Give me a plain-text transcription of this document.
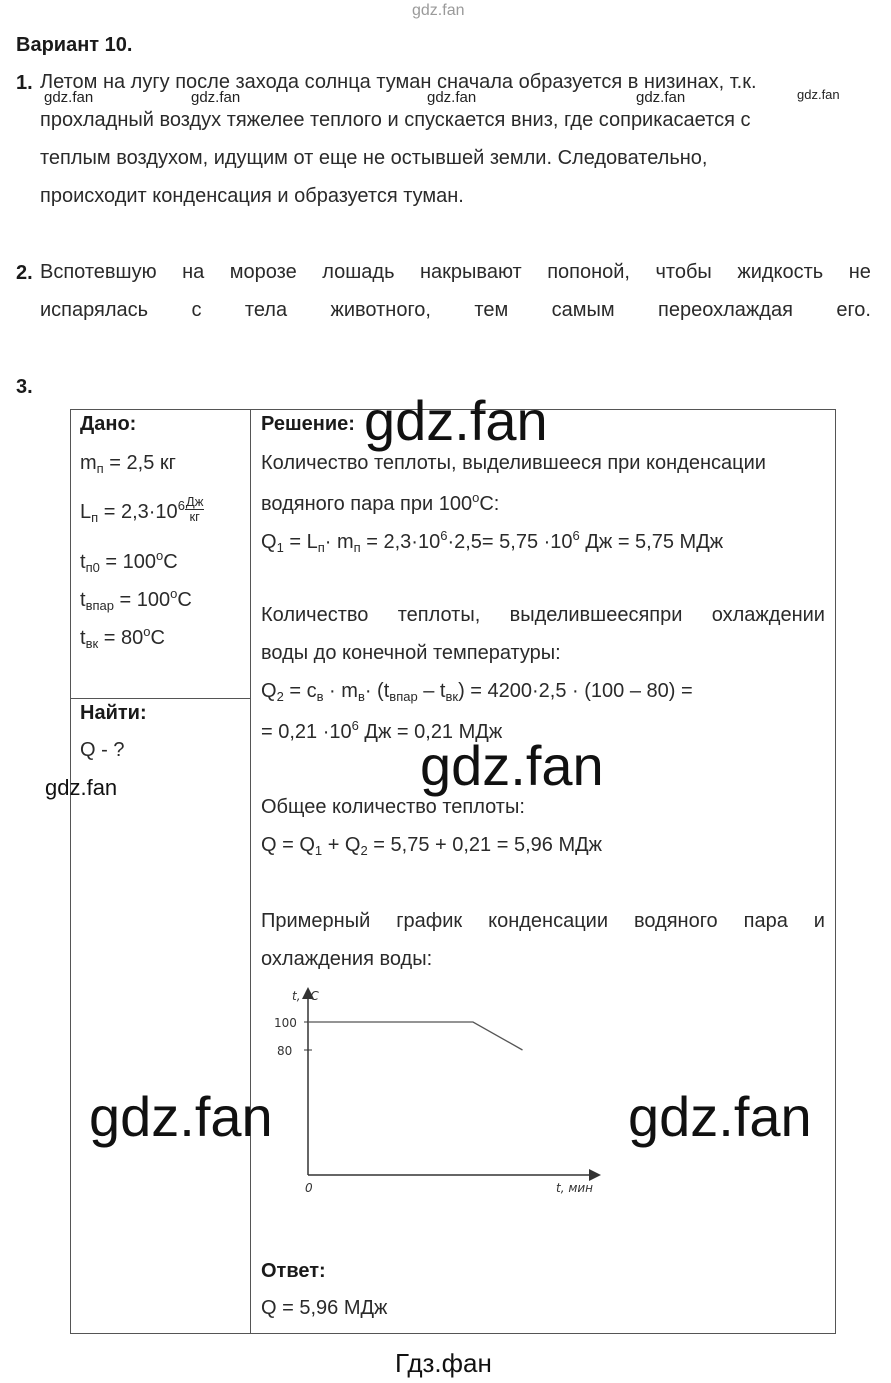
gdz.fan
Вариант 10.
1. Летом на лугу после захода солнца туман сначала образуется в низинах, т.к.
прохладный воздух тяжелее теплого и спускается вниз, где соприкасается с
теплым воздухом, идущим от еще не остывшей земли. Следовательно,
происходит конденсация и образуется туман.
gdz.fan	gdz.fan	gdz.fan	gdz.fan	gdz.fan
2. Вспотевшую на морозе лошадь накрывают попоной, чтобы жидкость не
испарялась с тела животного, тем самым переохлаждая его.
3.
Дано:
$m_п = 2,5$ кг
$L_п = 2,3\cdot 10^6 \frac{Дж}{кг}$
$t_{п0} = 100^oC$
$t_{впар} = 100^oC$
$t_{вк} = 80^oC$
Найти:
Q - ?
gdz.fan
Решение:
Количество теплоты, выделившееся при конденсации
водяного пара при 100$^o$C:
$Q_1 = L_п\cdot m_п = 2,3\cdot 10^6\cdot 2,5= 5,75 \cdot 10^6$ Дж = 5,75 МДж
Количество теплоты, выделившеесяпри охлаждении
воды до конечной температуры:
$Q_2 = c_в \cdot m_в\cdot (t_{впар} - t_{вк}) = 4200\cdot 2,5 \cdot (100 - 80)$ =
= $0,21 \cdot 10^6$ Дж = 0,21 МДж
Общее количество теплоты:
$Q = Q_1 + Q_2 = 5,75 + 0,21 = 5,96$ МДж
Примерный график конденсации водяного пара и
охлаждения воды:
t, °C
t, мин
0
100
80
Ответ:
Q = 5,96 МДж
gdz.fan
gdz.fan
gdz.fan	gdz.fan
Гдз.фан
